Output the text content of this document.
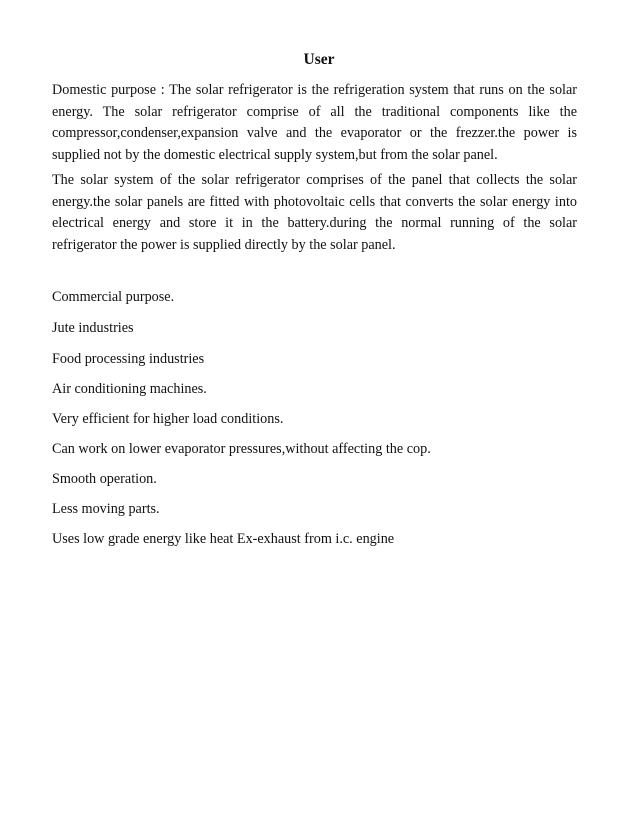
User

Domestic purpose : The solar refrigerator is the refrigeration system that runs on the solar energy. The solar refrigerator comprise of all the traditional components like the compressor,condenser,expansion valve and the evaporator or the frezzer.the power is supplied not by the domestic electrical supply system,but from the solar panel.

The solar system of the solar refrigerator comprises of the panel that collects the solar energy.the solar panels are fitted with photovoltaic cells that converts the solar energy into electrical energy and store it in the battery.during the normal running of the solar refrigerator the power is supplied directly by the solar panel.

Commercial purpose.
Jute industries
Food processing industries
Air conditioning machines.
Very efficient for higher load conditions.
Can work on lower evaporator pressures,without affecting the cop.
Smooth operation.
Less moving parts.
Uses low grade energy like heat Ex-exhaust from i.c. engine
